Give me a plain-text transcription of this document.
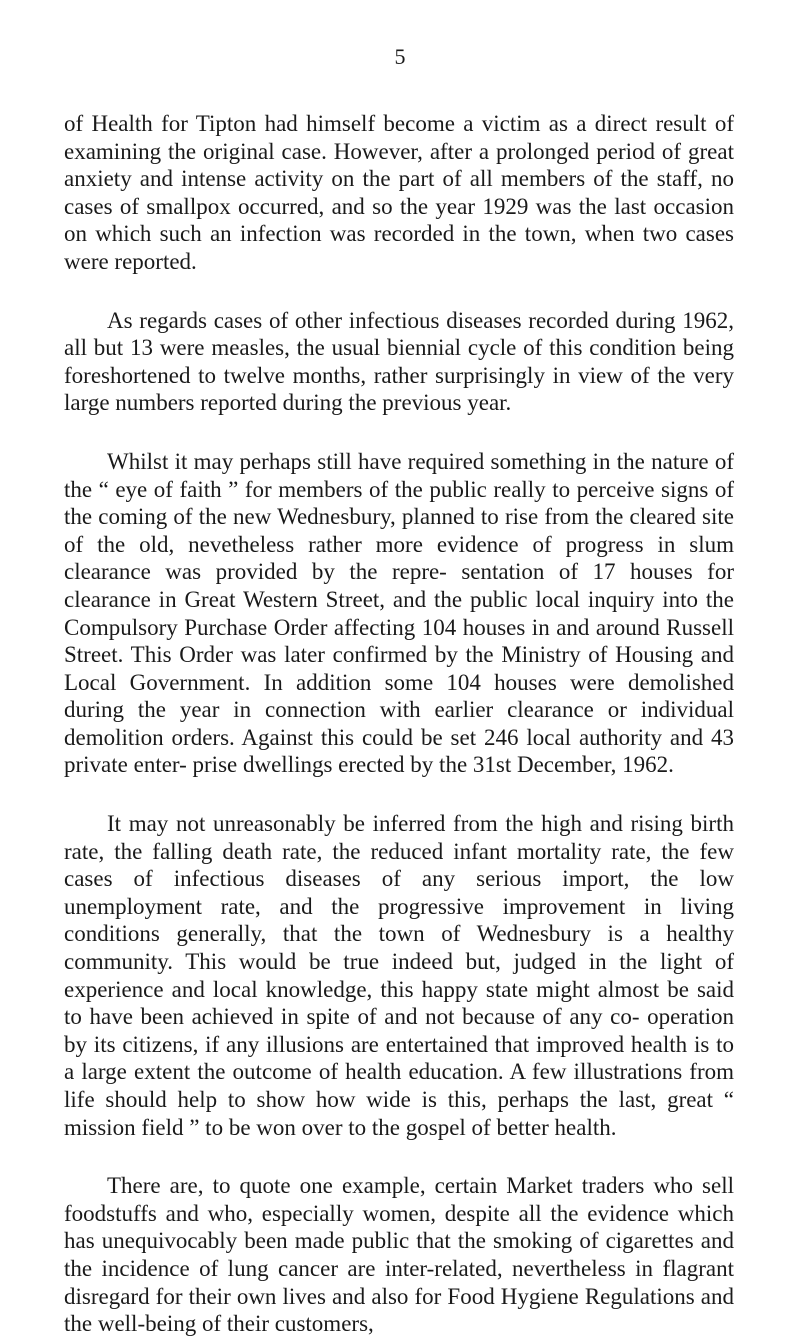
5

of Health for Tipton had himself become a victim as a direct result of examining the original case. However, after a prolonged period of great anxiety and intense activity on the part of all members of the staff, no cases of smallpox occurred, and so the year 1929 was the last occasion on which such an infection was recorded in the town, when two cases were reported.

As regards cases of other infectious diseases recorded during 1962, all but 13 were measles, the usual biennial cycle of this condition being foreshortened to twelve months, rather surprisingly in view of the very large numbers reported during the previous year.

Whilst it may perhaps still have required something in the nature of the “ eye of faith ” for members of the public really to perceive signs of the coming of the new Wednesbury, planned to rise from the cleared site of the old, nevetheless rather more evidence of progress in slum clearance was provided by the repre- sentation of 17 houses for clearance in Great Western Street, and the public local inquiry into the Compulsory Purchase Order affecting 104 houses in and around Russell Street. This Order was later confirmed by the Ministry of Housing and Local Government. In addition some 104 houses were demolished during the year in connection with earlier clearance or individual demolition orders. Against this could be set 246 local authority and 43 private enter- prise dwellings erected by the 31st December, 1962.

It may not unreasonably be inferred from the high and rising birth rate, the falling death rate, the reduced infant mortality rate, the few cases of infectious diseases of any serious import, the low unemployment rate, and the progressive improvement in living conditions generally, that the town of Wednesbury is a healthy community. This would be true indeed but, judged in the light of experience and local knowledge, this happy state might almost be said to have been achieved in spite of and not because of any co- operation by its citizens, if any illusions are entertained that improved health is to a large extent the outcome of health education. A few illustrations from life should help to show how wide is this, perhaps the last, great “ mission field ” to be won over to the gospel of better health.

There are, to quote one example, certain Market traders who sell foodstuffs and who, especially women, despite all the evidence which has unequivocably been made public that the smoking of cigarettes and the incidence of lung cancer are inter-related, nevertheless in flagrant disregard for their own lives and also for Food Hygiene Regulations and the well-being of their customers,
